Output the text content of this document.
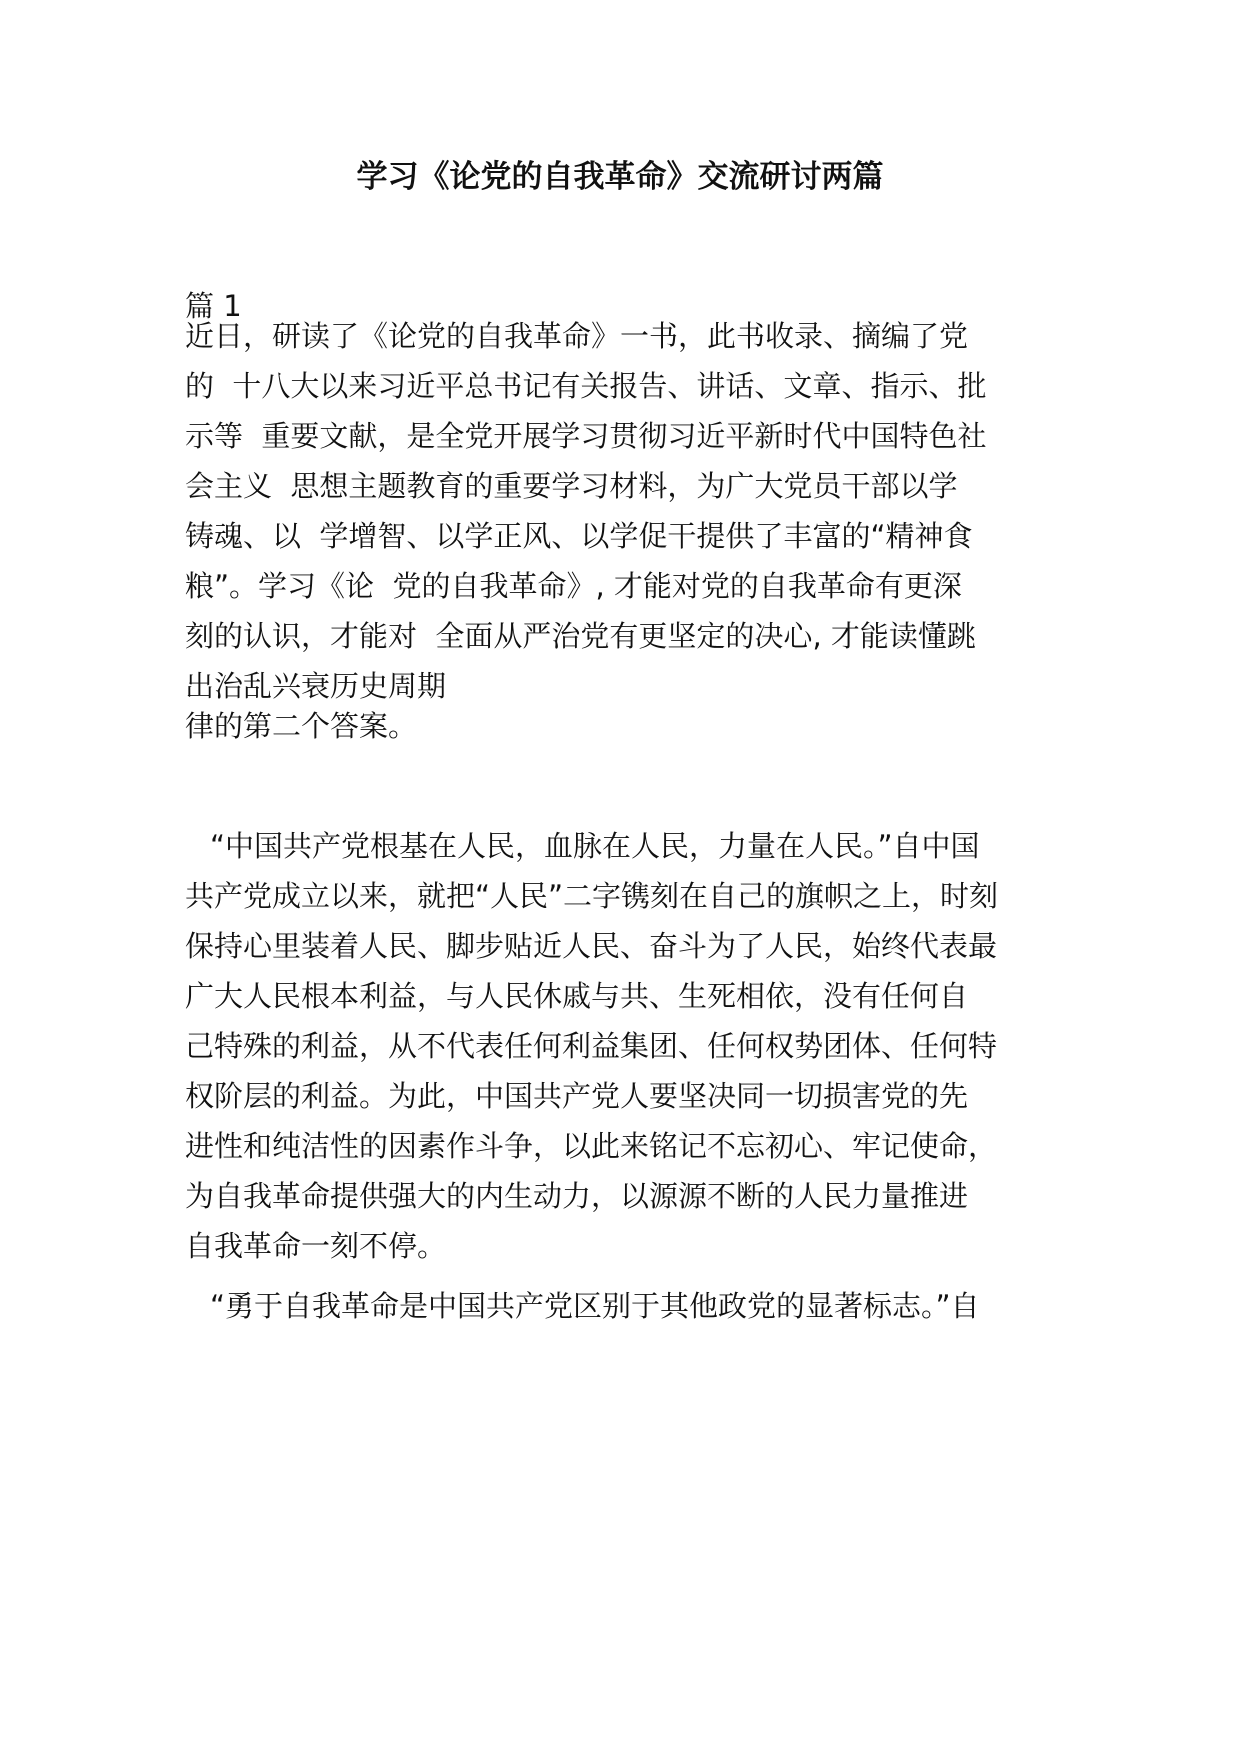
学习《论党的自我革命》交流研讨两篇
篇 1
近日，研读了《论党的自我革命》一书，此书收录、摘编了党
的  十八大以来习近平总书记有关报告、讲话、文章、指示、批
示等  重要文献，是全党开展学习贯彻习近平新时代中国特色社
会主义  思想主题教育的重要学习材料，为广大党员干部以学
铸魂、以  学增智、以学正风、以学促干提供了丰富的“精神食
粮”。学习《论  党的自我革命》, 才能对党的自我革命有更深
刻的认识，才能对  全面从严治党有更坚定的决心, 才能读懂跳
出治乱兴衰历史周期
律的第二个答案。
“中国共产党根基在人民，血脉在人民，力量在人民。”自中国
共产党成立以来，就把“人民”二字镌刻在自己的旗帜之上，时刻
保持心里装着人民、脚步贴近人民、奋斗为了人民，始终代表最
广大人民根本利益，与人民休戚与共、生死相依，没有任何自
己特殊的利益，从不代表任何利益集团、任何权势团体、任何特
权阶层的利益。为此，中国共产党人要坚决同一切损害党的先
进性和纯洁性的因素作斗争，以此来铭记不忘初心、牢记使命，
为自我革命提供强大的内生动力，以源源不断的人民力量推进
自我革命一刻不停。
“勇于自我革命是中国共产党区别于其他政党的显著标志。”自
